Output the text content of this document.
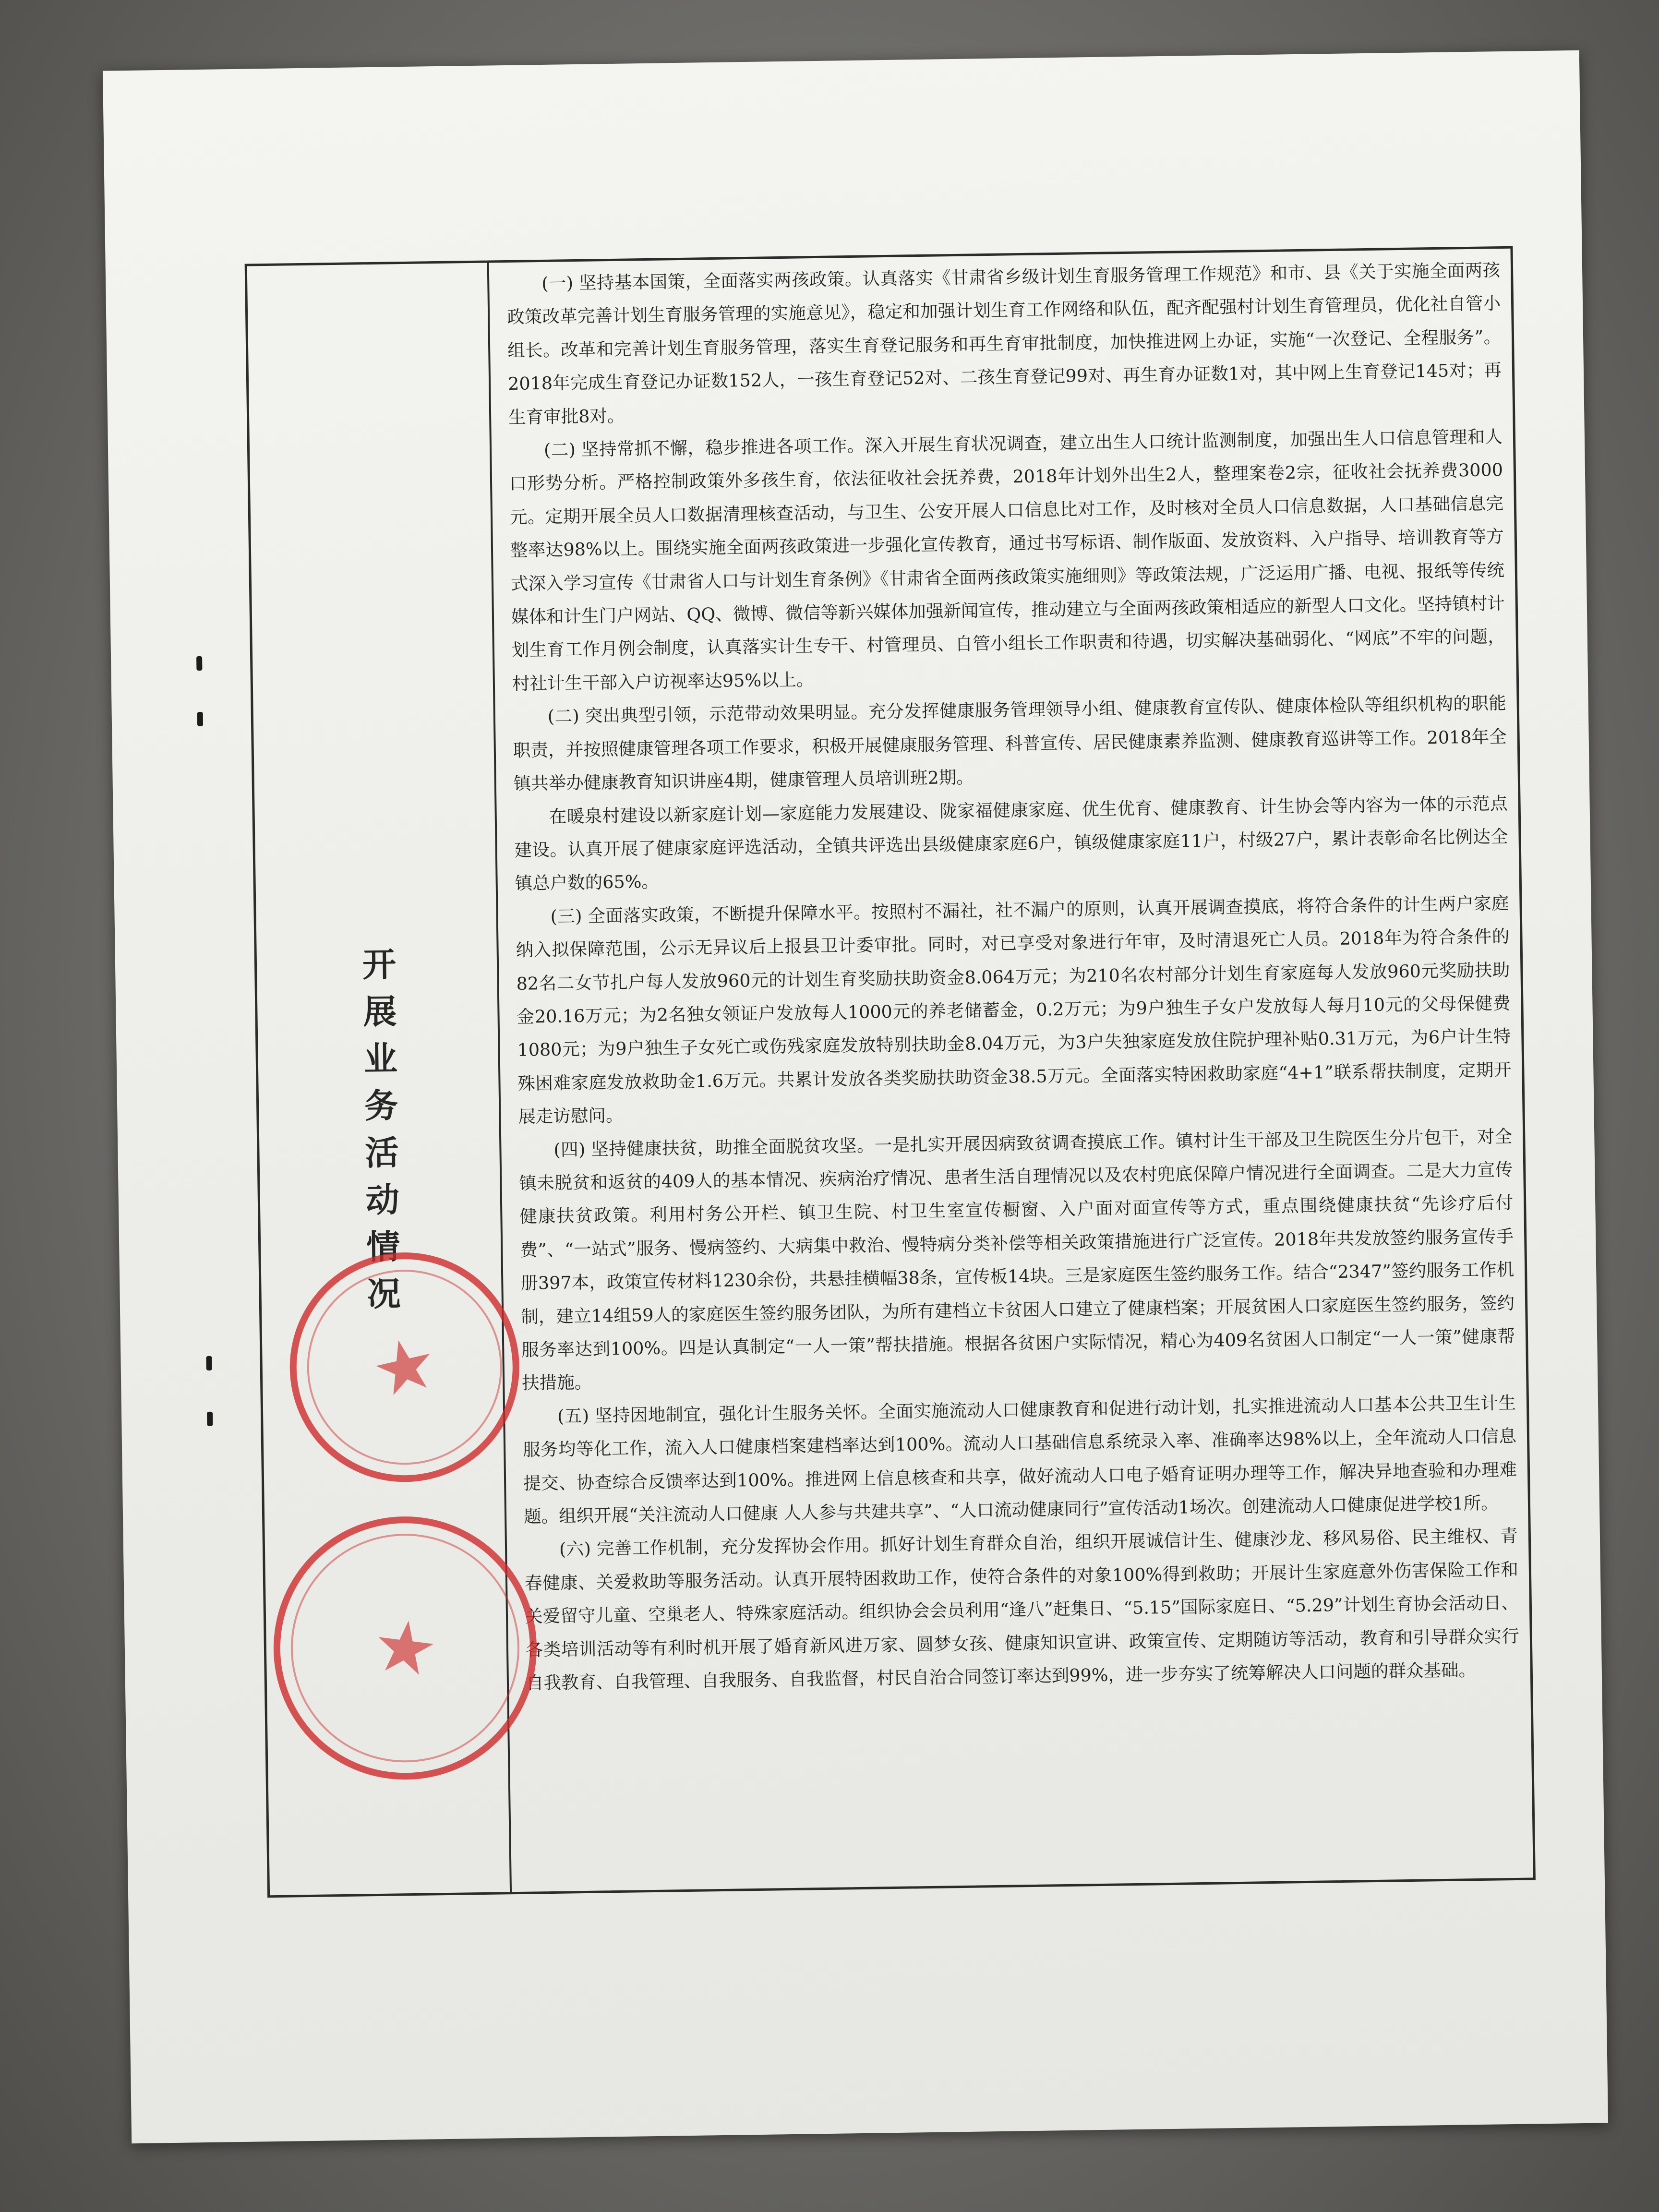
开
展
业
务
活
动
情
况

(一) 坚持基本国策，全面落实两孩政策。认真落实《甘肃省乡级计划生育服务管理工作规范》和市、县《关于实施全面两孩政策改革完善计划生育服务管理的实施意见》，稳定和加强计划生育工作网络和队伍，配齐配强村计划生育管理员，优化社自管小组长。改革和完善计划生育服务管理，落实生育登记服务和再生育审批制度，加快推进网上办证，实施“一次登记、全程服务”。2018年完成生育登记办证数152人，一孩生育登记52对、二孩生育登记99对、再生育办证数1对，其中网上生育登记145对；再生育审批8对。

(二) 坚持常抓不懈，稳步推进各项工作。深入开展生育状况调查，建立出生人口统计监测制度，加强出生人口信息管理和人口形势分析。严格控制政策外多孩生育，依法征收社会抚养费，2018年计划外出生2人，整理案卷2宗，征收社会抚养费3000元。定期开展全员人口数据清理核查活动，与卫生、公安开展人口信息比对工作，及时核对全员人口信息数据，人口基础信息完整率达98%以上。围绕实施全面两孩政策进一步强化宣传教育，通过书写标语、制作版面、发放资料、入户指导、培训教育等方式深入学习宣传《甘肃省人口与计划生育条例》《甘肃省全面两孩政策实施细则》等政策法规，广泛运用广播、电视、报纸等传统媒体和计生门户网站、QQ、微博、微信等新兴媒体加强新闻宣传，推动建立与全面两孩政策相适应的新型人口文化。坚持镇村计划生育工作月例会制度，认真落实计生专干、村管理员、自管小组长工作职责和待遇，切实解决基础弱化、“网底”不牢的问题，村社计生干部入户访视率达95%以上。

(二) 突出典型引领，示范带动效果明显。充分发挥健康服务管理领导小组、健康教育宣传队、健康体检队等组织机构的职能职责，并按照健康管理各项工作要求，积极开展健康服务管理、科普宣传、居民健康素养监测、健康教育巡讲等工作。2018年全镇共举办健康教育知识讲座4期，健康管理人员培训班2期。

在暖泉村建设以新家庭计划—家庭能力发展建设、陇家福健康家庭、优生优育、健康教育、计生协会等内容为一体的示范点建设。认真开展了健康家庭评选活动，全镇共评选出县级健康家庭6户，镇级健康家庭11户，村级27户，累计表彰命名比例达全镇总户数的65%。

(三) 全面落实政策，不断提升保障水平。按照村不漏社，社不漏户的原则，认真开展调查摸底，将符合条件的计生两户家庭纳入拟保障范围，公示无异议后上报县卫计委审批。同时，对已享受对象进行年审，及时清退死亡人员。2018年为符合条件的82名二女节扎户每人发放960元的计划生育奖励扶助资金8.064万元；为210名农村部分计划生育家庭每人发放960元奖励扶助金20.16万元；为2名独女领证户发放每人1000元的养老储蓄金，0.2万元；为9户独生子女户发放每人每月10元的父母保健费1080元；为9户独生子女死亡或伤残家庭发放特别扶助金8.04万元，为3户失独家庭发放住院护理补贴0.31万元，为6户计生特殊困难家庭发放救助金1.6万元。共累计发放各类奖励扶助资金38.5万元。全面落实特困救助家庭“4+1”联系帮扶制度，定期开展走访慰问。

(四) 坚持健康扶贫，助推全面脱贫攻坚。一是扎实开展因病致贫调查摸底工作。镇村计生干部及卫生院医生分片包干，对全镇未脱贫和返贫的409人的基本情况、疾病治疗情况、患者生活自理情况以及农村兜底保障户情况进行全面调查。二是大力宣传健康扶贫政策。利用村务公开栏、镇卫生院、村卫生室宣传橱窗、入户面对面宣传等方式，重点围绕健康扶贫“先诊疗后付费”、“一站式”服务、慢病签约、大病集中救治、慢特病分类补偿等相关政策措施进行广泛宣传。2018年共发放签约服务宣传手册397本，政策宣传材料1230余份，共悬挂横幅38条，宣传板14块。三是家庭医生签约服务工作。结合“2347”签约服务工作机制，建立14组59人的家庭医生签约服务团队，为所有建档立卡贫困人口建立了健康档案；开展贫困人口家庭医生签约服务，签约服务率达到100%。四是认真制定“一人一策”帮扶措施。根据各贫困户实际情况，精心为409名贫困人口制定“一人一策”健康帮扶措施。

(五) 坚持因地制宜，强化计生服务关怀。全面实施流动人口健康教育和促进行动计划，扎实推进流动人口基本公共卫生计生服务均等化工作，流入人口健康档案建档率达到100%。流动人口基础信息系统录入率、准确率达98%以上，全年流动人口信息提交、协查综合反馈率达到100%。推进网上信息核查和共享，做好流动人口电子婚育证明办理等工作，解决异地查验和办理难题。组织开展“关注流动人口健康 人人参与共建共享”、“人口流动健康同行”宣传活动1场次。创建流动人口健康促进学校1所。

(六) 完善工作机制，充分发挥协会作用。抓好计划生育群众自治，组织开展诚信计生、健康沙龙、移风易俗、民主维权、青春健康、关爱救助等服务活动。认真开展特困救助工作，使符合条件的对象100%得到救助；开展计生家庭意外伤害保险工作和关爱留守儿童、空巢老人、特殊家庭活动。组织协会会员利用“逢八”赶集日、“5.15”国际家庭日、“5.29”计划生育协会活动日、各类培训活动等有利时机开展了婚育新风进万家、圆梦女孩、健康知识宣讲、政策宣传、定期随访等活动，教育和引导群众实行自我教育、自我管理、自我服务、自我监督，村民自治合同签订率达到99%，进一步夯实了统筹解决人口问题的群众基础。

★
★
